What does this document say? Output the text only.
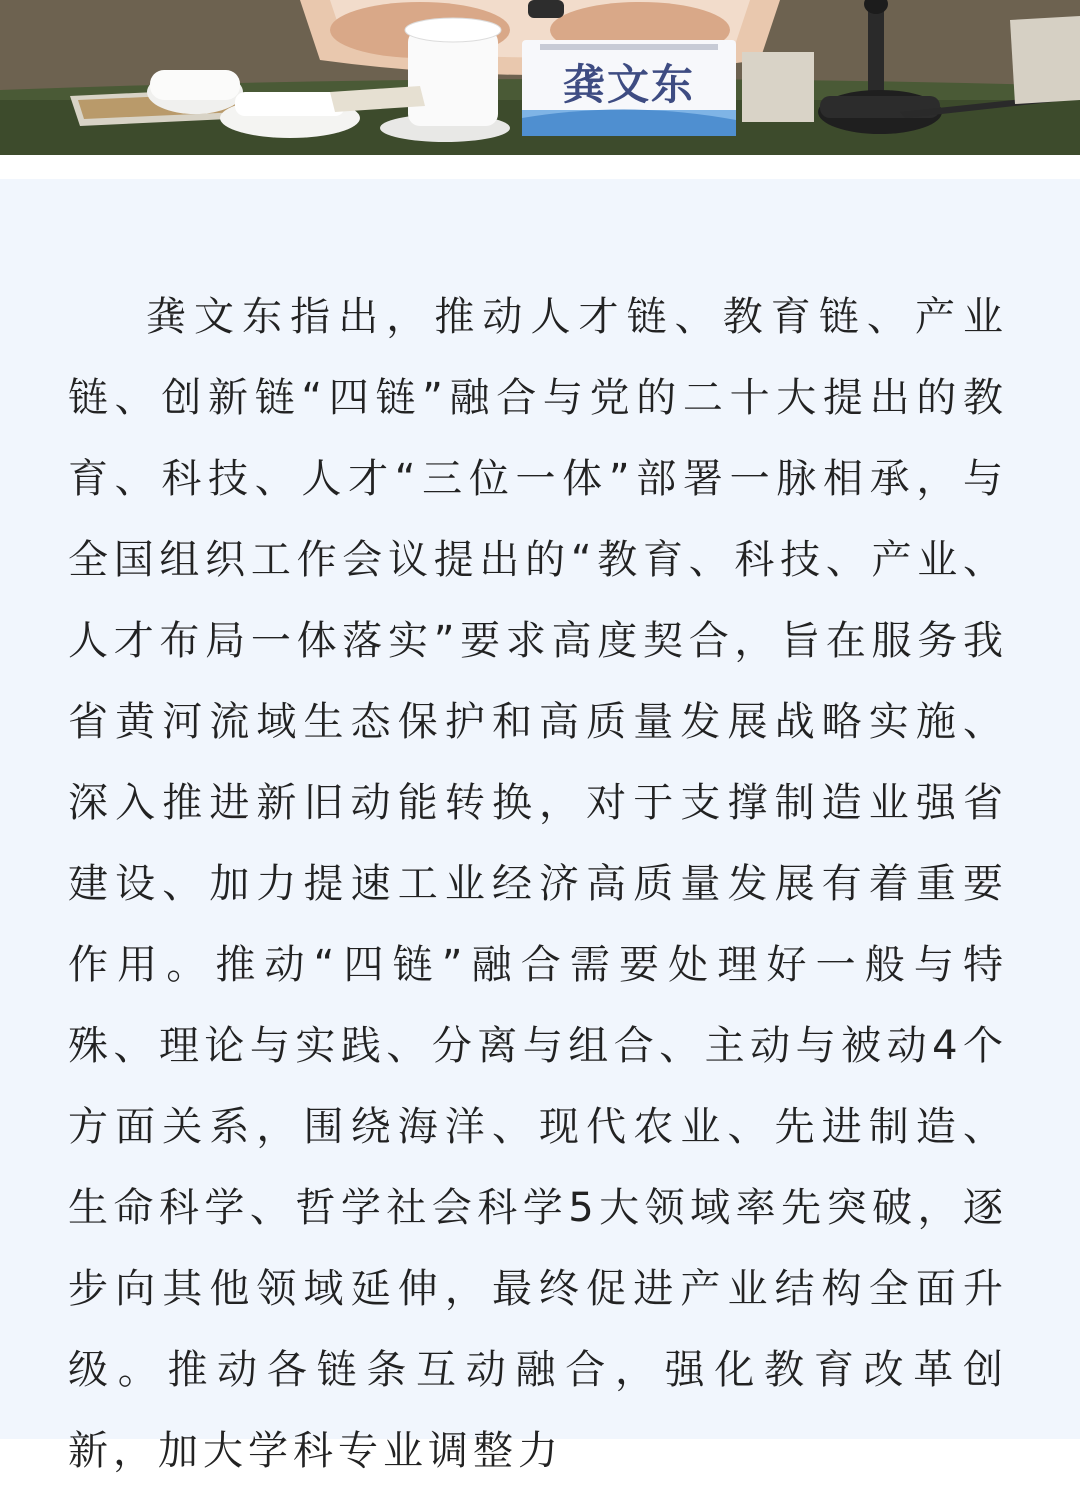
龚文东

龚文东指出，推动人才链、教育链、产业链、创新链“四链”融合与党的二十大提出的教育、科技、人才“三位一体”部署一脉相承，与全国组织工作会议提出的“教育、科技、产业、人才布局一体落实”要求高度契合，旨在服务我省黄河流域生态保护和高质量发展战略实施、深入推进新旧动能转换，对于支撑制造业强省建设、加力提速工业经济高质量发展有着重要作用。推动“四链”融合需要处理好一般与特殊、理论与实践、分离与组合、主动与被动4个方面关系，围绕海洋、现代农业、先进制造、生命科学、哲学社会科学5大领域率先突破，逐步向其他领域延伸，最终促进产业结构全面升级。推动各链条互动融合，强化教育改革创新，加大学科专业调整力
